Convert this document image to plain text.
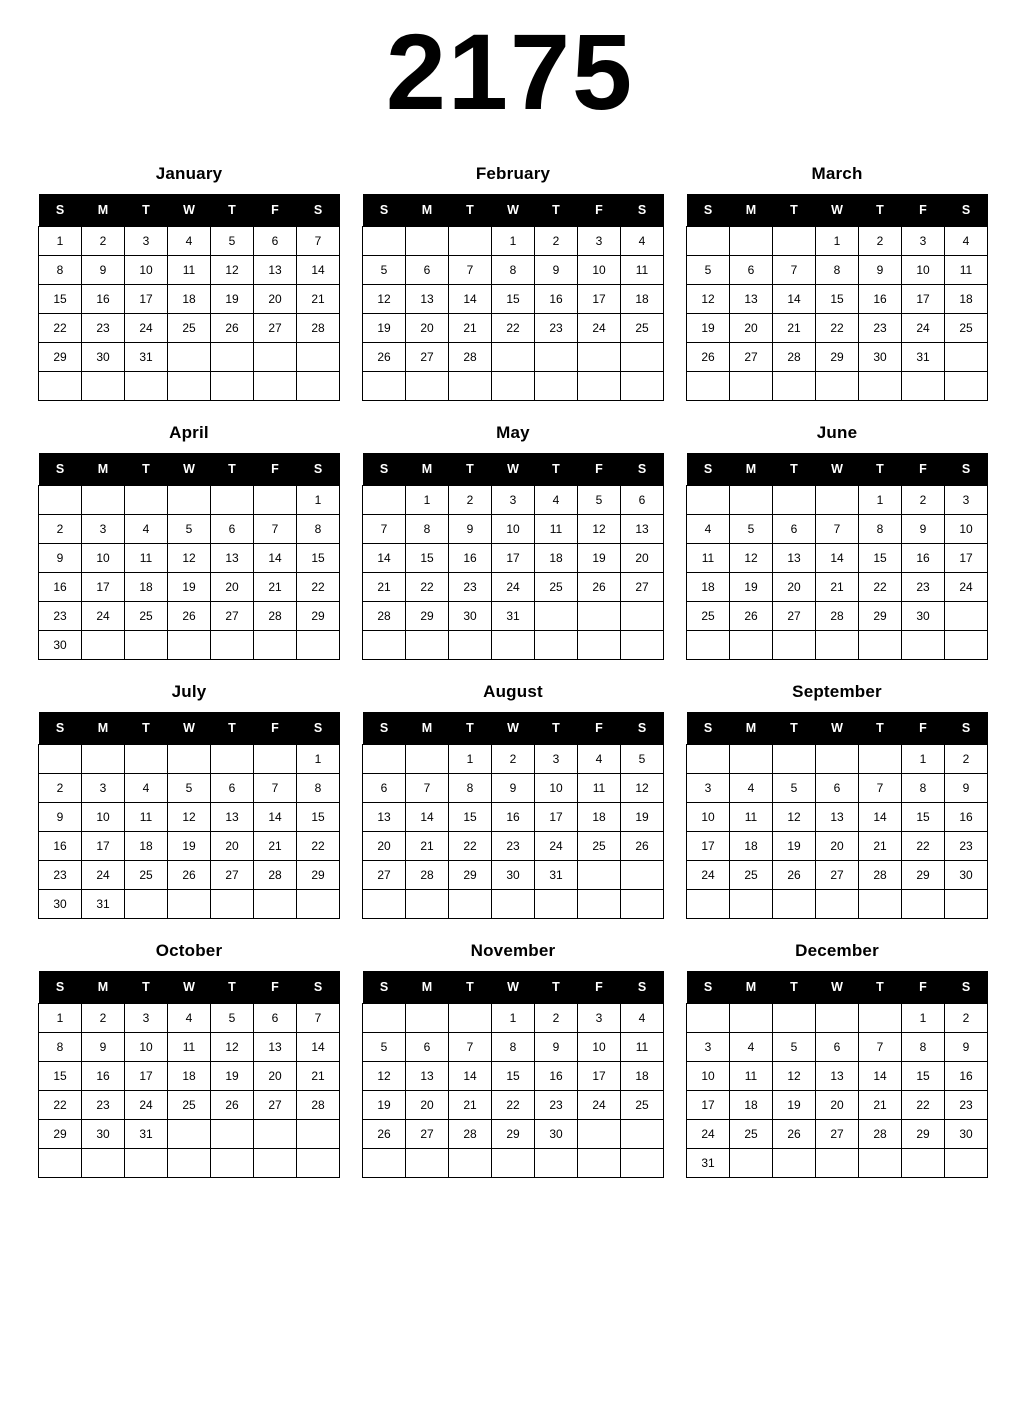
2175
January
S	M	T	W	T	F	S
1	2	3	4	5	6	7
8	9	10	11	12	13	14
15	16	17	18	19	20	21
22	23	24	25	26	27	28
29	30	31				

February
S	M	T	W	T	F	S
			1	2	3	4
5	6	7	8	9	10	11
12	13	14	15	16	17	18
19	20	21	22	23	24	25
26	27	28				

March
S	M	T	W	T	F	S
			1	2	3	4
5	6	7	8	9	10	11
12	13	14	15	16	17	18
19	20	21	22	23	24	25
26	27	28	29	30	31	

April
S	M	T	W	T	F	S
						1
2	3	4	5	6	7	8
9	10	11	12	13	14	15
16	17	18	19	20	21	22
23	24	25	26	27	28	29
30						
May
S	M	T	W	T	F	S
	1	2	3	4	5	6
7	8	9	10	11	12	13
14	15	16	17	18	19	20
21	22	23	24	25	26	27
28	29	30	31			

June
S	M	T	W	T	F	S
				1	2	3
4	5	6	7	8	9	10
11	12	13	14	15	16	17
18	19	20	21	22	23	24
25	26	27	28	29	30	

July
S	M	T	W	T	F	S
						1
2	3	4	5	6	7	8
9	10	11	12	13	14	15
16	17	18	19	20	21	22
23	24	25	26	27	28	29
30	31					
August
S	M	T	W	T	F	S
		1	2	3	4	5
6	7	8	9	10	11	12
13	14	15	16	17	18	19
20	21	22	23	24	25	26
27	28	29	30	31		

September
S	M	T	W	T	F	S
					1	2
3	4	5	6	7	8	9
10	11	12	13	14	15	16
17	18	19	20	21	22	23
24	25	26	27	28	29	30

October
S	M	T	W	T	F	S
1	2	3	4	5	6	7
8	9	10	11	12	13	14
15	16	17	18	19	20	21
22	23	24	25	26	27	28
29	30	31				

November
S	M	T	W	T	F	S
			1	2	3	4
5	6	7	8	9	10	11
12	13	14	15	16	17	18
19	20	21	22	23	24	25
26	27	28	29	30		

December
S	M	T	W	T	F	S
					1	2
3	4	5	6	7	8	9
10	11	12	13	14	15	16
17	18	19	20	21	22	23
24	25	26	27	28	29	30
31						
